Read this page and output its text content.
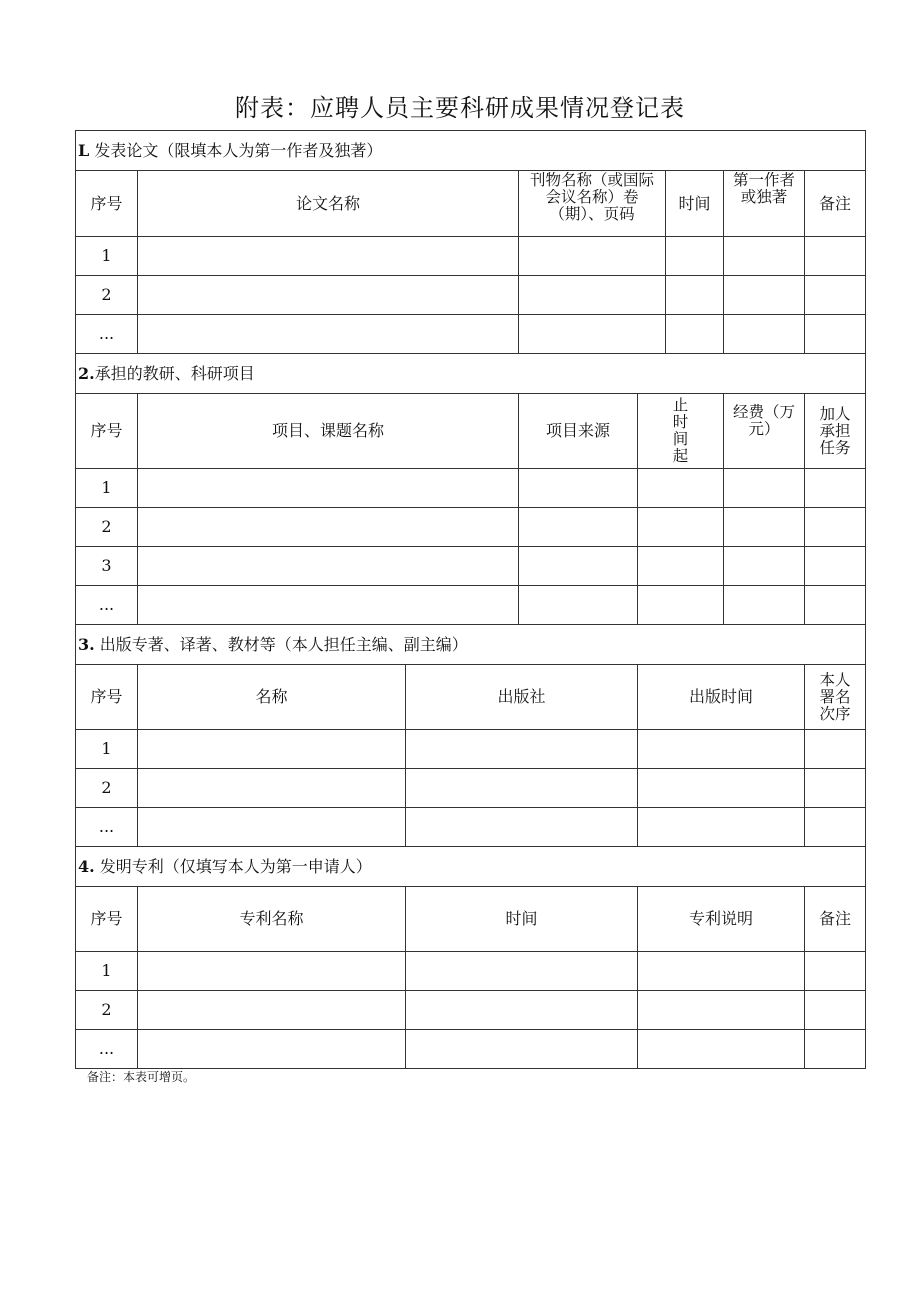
附表：应聘人员主要科研成果情况登记表
L 发表论文（限填本人为第一作者及独著）							
序号	论文名称		刊物名称（或国际会议名称）卷（期）、页码		时间	第一作者或独著	备注
1							
2							
...							
2.承担的教研、科研项目							
序号	项目、课题名称		项目来源	止时间起		经费（万元）	加人承担任务
1							
2							
3							
...							
3. 出版专著、译著、教材等（本人担任主编、副主编）							
序号	名称	出版社		出版时间			本人署名次序
1							
2							
...							
4. 发明专利（仅填写本人为第一申请人）							
序号	专利名称	时间		专利说明			备注
1							
2							
...							
备注：本表可增页。
